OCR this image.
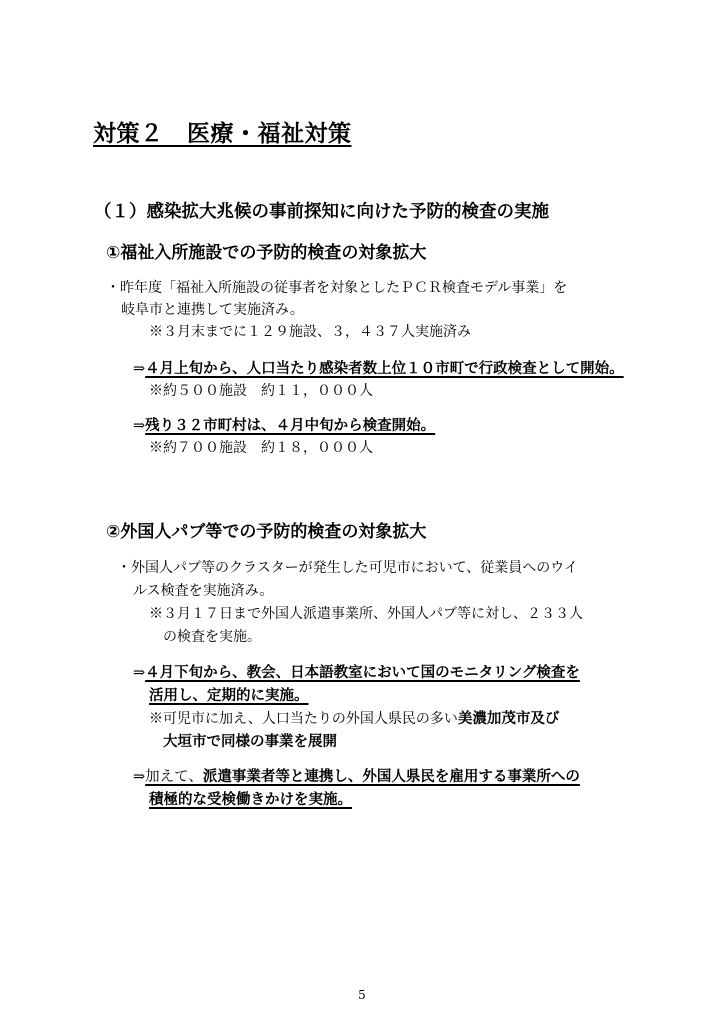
対策２　医療・福祉対策
（１）感染拡大兆候の事前探知に向けた予防的検査の実施
①福祉入所施設での予防的検査の対象拡大
・昨年度「福祉入所施設の従事者を対象としたＰＣＲ検査モデル事業」を
岐阜市と連携して実施済み。
※３月末までに１２９施設、３，４３７人実施済み
⇒４月上旬から、人口当たり感染者数上位１０市町で行政検査として開始。
※約５００施設　約１１，０００人
⇒残り３２市町村は、４月中旬から検査開始。
※約７００施設　約１８，０００人
②外国人パブ等での予防的検査の対象拡大
・外国人パブ等のクラスターが発生した可児市において、従業員へのウイ
ルス検査を実施済み。
※３月１７日まで外国人派遣事業所、外国人パブ等に対し、２３３人
の検査を実施。
⇒４月下旬から、教会、日本語教室において国のモニタリング検査を
活用し、定期的に実施。
※可児市に加え、人口当たりの外国人県民の多い美濃加茂市及び
大垣市で同様の事業を展開
⇒加えて、派遣事業者等と連携し、外国人県民を雇用する事業所への
積極的な受検働きかけを実施。
5
